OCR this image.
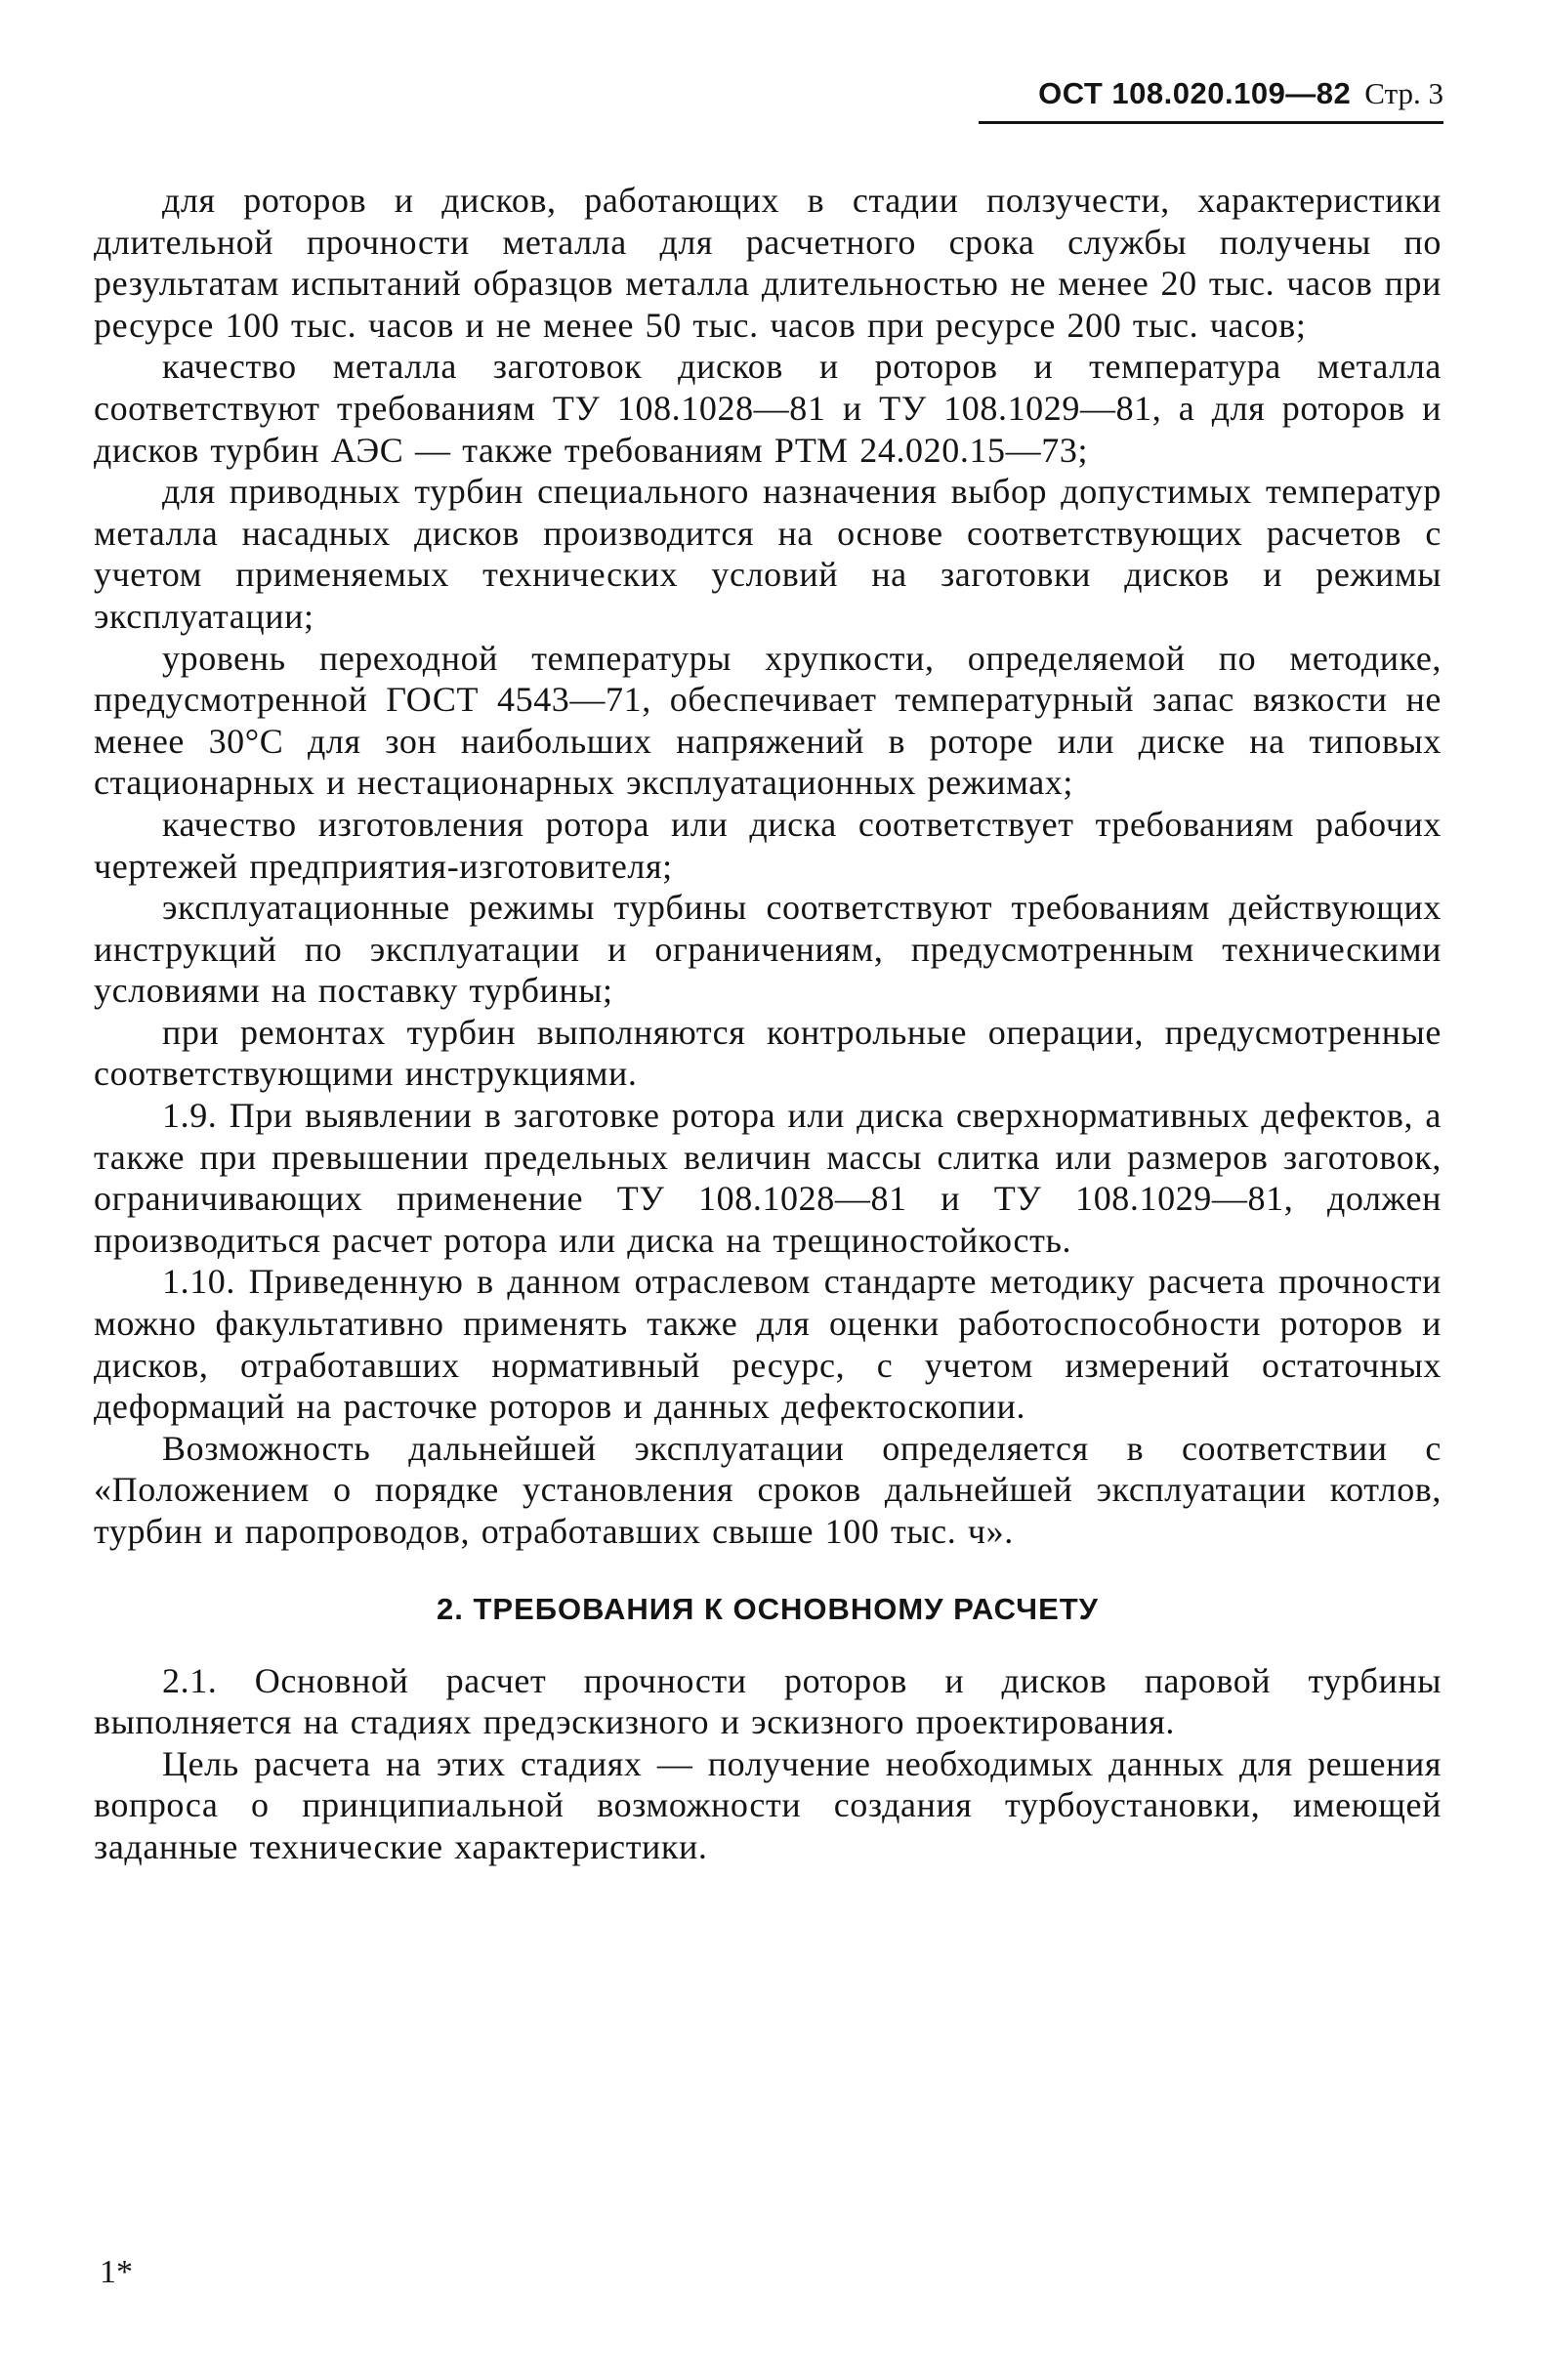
ОСТ 108.020.109—82 Стр. 3

для роторов и дисков, работающих в стадии ползучести, характеристики длительной прочности металла для расчетного срока службы получены по результатам испытаний образцов металла длительностью не менее 20 тыс. часов при ресурсе 100 тыс. часов и не менее 50 тыс. часов при ресурсе 200 тыс. часов;

качество металла заготовок дисков и роторов и температура металла соответствуют требованиям ТУ 108.1028—81 и ТУ 108.1029—81, а для роторов и дисков турбин АЭС — также требованиям РТМ 24.020.15—73;

для приводных турбин специального назначения выбор допустимых температур металла насадных дисков производится на основе соответствующих расчетов с учетом применяемых технических условий на заготовки дисков и режимы эксплуатации;

уровень переходной температуры хрупкости, определяемой по методике, предусмотренной ГОСТ 4543—71, обеспечивает температурный запас вязкости не менее 30°С для зон наибольших напряжений в роторе или диске на типовых стационарных и нестационарных эксплуатационных режимах;

качество изготовления ротора или диска соответствует требованиям рабочих чертежей предприятия-изготовителя;

эксплуатационные режимы турбины соответствуют требованиям действующих инструкций по эксплуатации и ограничениям, предусмотренным техническими условиями на поставку турбины;

при ремонтах турбин выполняются контрольные операции, предусмотренные соответствующими инструкциями.

1.9. При выявлении в заготовке ротора или диска сверхнормативных дефектов, а также при превышении предельных величин массы слитка или размеров заготовок, ограничивающих применение ТУ 108.1028—81 и ТУ 108.1029—81, должен производиться расчет ротора или диска на трещиностойкость.

1.10. Приведенную в данном отраслевом стандарте методику расчета прочности можно факультативно применять также для оценки работоспособности роторов и дисков, отработавших нормативный ресурс, с учетом измерений остаточных деформаций на расточке роторов и данных дефектоскопии.

Возможность дальнейшей эксплуатации определяется в соответствии с «Положением о порядке установления сроков дальнейшей эксплуатации котлов, турбин и паропроводов, отработавших свыше 100 тыс. ч».

2. ТРЕБОВАНИЯ К ОСНОВНОМУ РАСЧЕТУ

2.1. Основной расчет прочности роторов и дисков паровой турбины выполняется на стадиях предэскизного и эскизного проектирования.

Цель расчета на этих стадиях — получение необходимых данных для решения вопроса о принципиальной возможности создания турбоустановки, имеющей заданные технические характеристики.

1*
